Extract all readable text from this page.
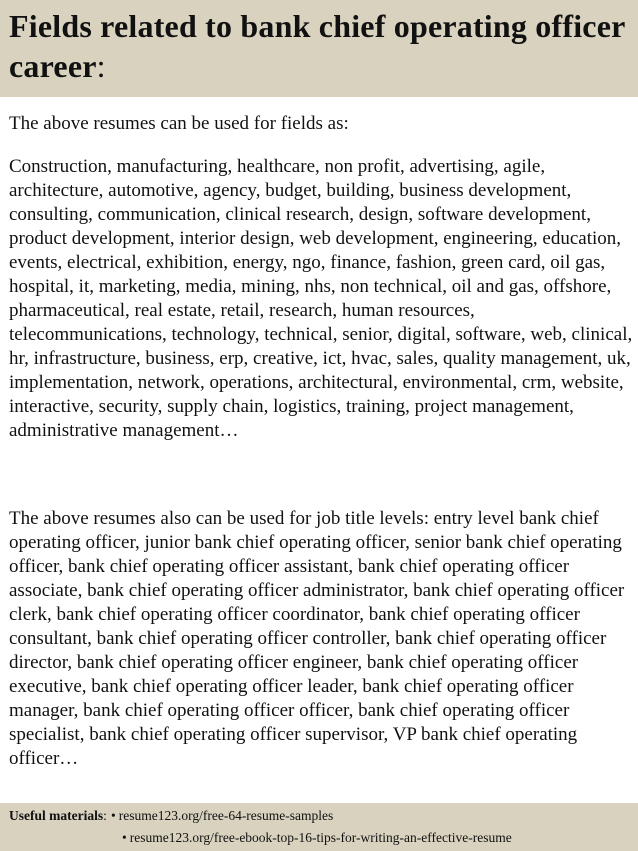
Fields related to bank chief operating officer career:
The above resumes can be used for fields as:
Construction, manufacturing, healthcare, non profit, advertising, agile, architecture, automotive, agency, budget, building, business development, consulting, communication, clinical research, design, software development, product development, interior design, web development, engineering, education, events, electrical, exhibition, energy, ngo, finance, fashion, green card, oil gas, hospital, it, marketing, media, mining, nhs, non technical, oil and gas, offshore, pharmaceutical, real estate, retail, research, human resources, telecommunications, technology, technical, senior, digital, software, web, clinical, hr, infrastructure, business, erp, creative, ict, hvac, sales, quality management, uk, implementation, network, operations, architectural, environmental, crm, website, interactive, security, supply chain, logistics, training, project management, administrative management…
The above resumes also can be used for job title levels: entry level bank chief operating officer, junior bank chief operating officer, senior bank chief operating officer, bank chief operating officer assistant, bank chief operating officer associate, bank chief operating officer administrator, bank chief operating officer clerk, bank chief operating officer coordinator, bank chief operating officer consultant, bank chief operating officer controller, bank chief operating officer director, bank chief operating officer engineer, bank chief operating officer executive, bank chief operating officer leader, bank chief operating officer manager, bank chief operating officer officer, bank chief operating officer specialist, bank chief operating officer supervisor, VP bank chief operating officer…
Useful materials: • resume123.org/free-64-resume-samples
• resume123.org/free-ebook-top-16-tips-for-writing-an-effective-resume
